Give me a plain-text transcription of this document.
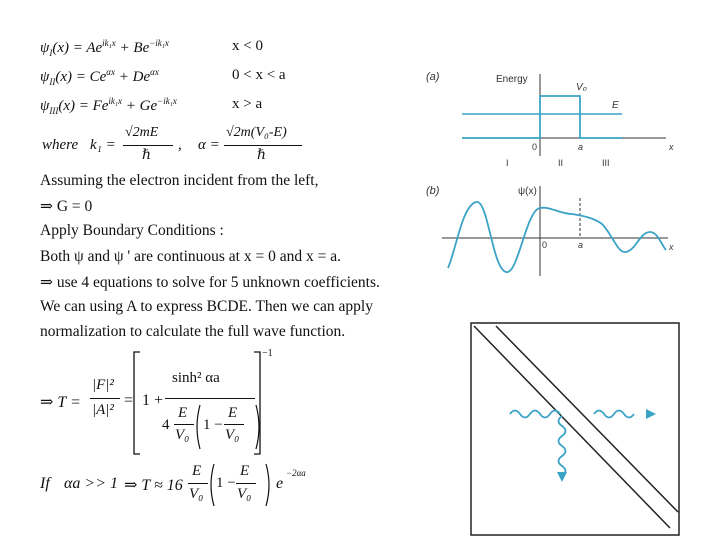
$\psi_I(x) = Ae^{ik_1x} + Be^{-ik_1x}$	x < 0
$\psi_{II}(x) = Ce^{\alpha x} + De^{\alpha x}$	0 < x < a
$\psi_{III}(x) = Fe^{ik_1x} + Ge^{-ik_1x}$	x > a
where k₁ =
√2mE
ℏ
, α =
√2m(V₀-E)
ℏ
Assuming the electron incident from the left,
⇒ G = 0
Apply Boundary Conditions :
Both ψ and ψ ' are continuous at x = 0 and x = a.
⇒ use 4 equations to solve for 5 unknown coefficients.
We can using A to express BCDE. Then we can apply
normalization to calculate the full wave function.
⇒ T =
|F|²
|A|²
=
−1
1 +
sinh² αa
4
E
V₀
1 −
E
V₀
If αa >> 1 ⇒ T ≈ 16
E
V₀
1 −
E
V₀
e
−2αa
(a)	Energy
x
V₀
E
0	a
I	II	III
(b)	ψ(x)
x
0	a
